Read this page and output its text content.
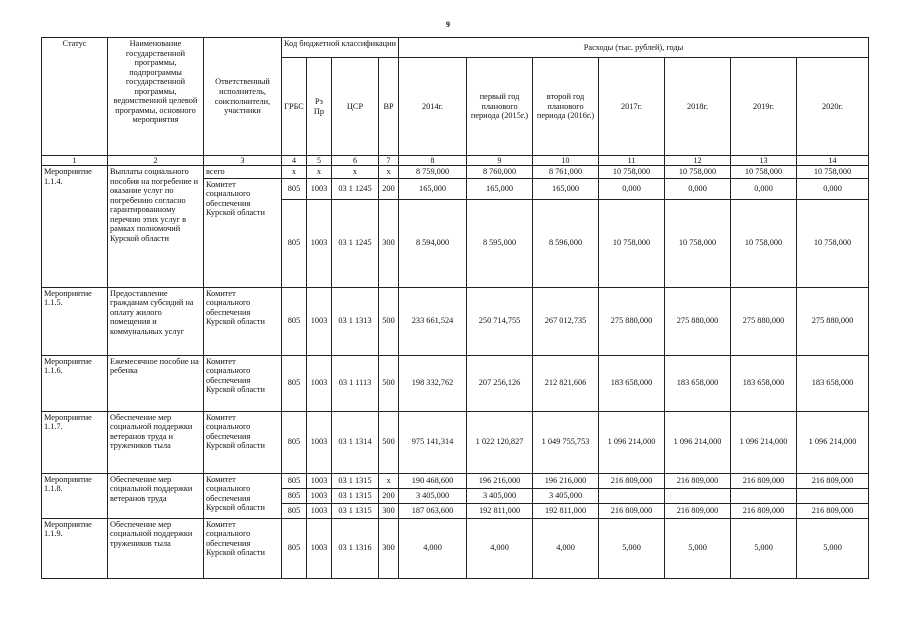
9
Статус	Наименование государственной программы, подпрограммы государственной программы, ведомственной целевой программы, основного мероприятия	Ответственный исполнитель, соисполнители, участники	Код бюджетной классификации				Расходы (тыс. рублей), годы						
			ГРБС	Рз Пр	ЦСР	ВР	2014г.	первый год планового периода (2015г.)	второй год планового периода (2016г.)	2017г.	2018г.	2019г.	2020г.
1	2	3	4	5	6	7	8	9	10	11	12	13	14
Мероприятие 1.1.4.	Выплаты социального пособия на погребение и оказание услуг по погребению согласно гарантированному перечню этих услуг в рамках полномочий Курской области	всего	х	х	х	х	8 759,000	8 760,000	8 761,000	10 758,000	10 758,000	10 758,000	10 758,000
		Комитет социального обеспечения Курской области	805	1003	03 1 1245	200	165,000	165,000	165,000	0,000	0,000	0,000	0,000
			805	1003	03 1 1245	300	8 594,000	8 595,000	8 596,000	10 758,000	10 758,000	10 758,000	10 758,000
Мероприятие 1.1.5.	Предоставление гражданам субсидий на оплату жилого помещения и коммунальных услуг	Комитет социального обеспечения Курской области	805	1003	03 1 1313	500	233 661,524	250 714,755	267 012,735	275 880,000	275 880,000	275 880,000	275 880,000
Мероприятие 1.1.6.	Ежемесячное пособие на ребенка	Комитет социального обеспечения Курской области	805	1003	03 1 1113	500	198 332,762	207 256,126	212 821,606	183 658,000	183 658,000	183 658,000	183 658,000
Мероприятие 1.1.7.	Обеспечение мер социальной поддержки ветеранов труда и тружеников тыла	Комитет социального обеспечения Курской области	805	1003	03 1 1314	500	975 141,314	1 022 120,827	1 049 755,753	1 096 214,000	1 096 214,000	1 096 214,000	1 096 214,000
Мероприятие 1.1.8.	Обеспечение мер социальной поддержки ветеранов труда	Комитет социального обеспечения Курской области	805	1003	03 1 1315	х	190 468,600	196 216,000	196 216,000	216 809,000	216 809,000	216 809,000	216 809,000
			805	1003	03 1 1315	200	3 405,000	3 405,000	3 405,000				
			805	1003	03 1 1315	300	187 063,600	192 811,000	192 811,000	216 809,000	216 809,000	216 809,000	216 809,000
Мероприятие 1.1.9.	Обеспечение мер социальной поддержки тружеников тыла	Комитет социального обеспечения Курской области	805	1003	03 1 1316	300	4,000	4,000	4,000	5,000	5,000	5,000	5,000
